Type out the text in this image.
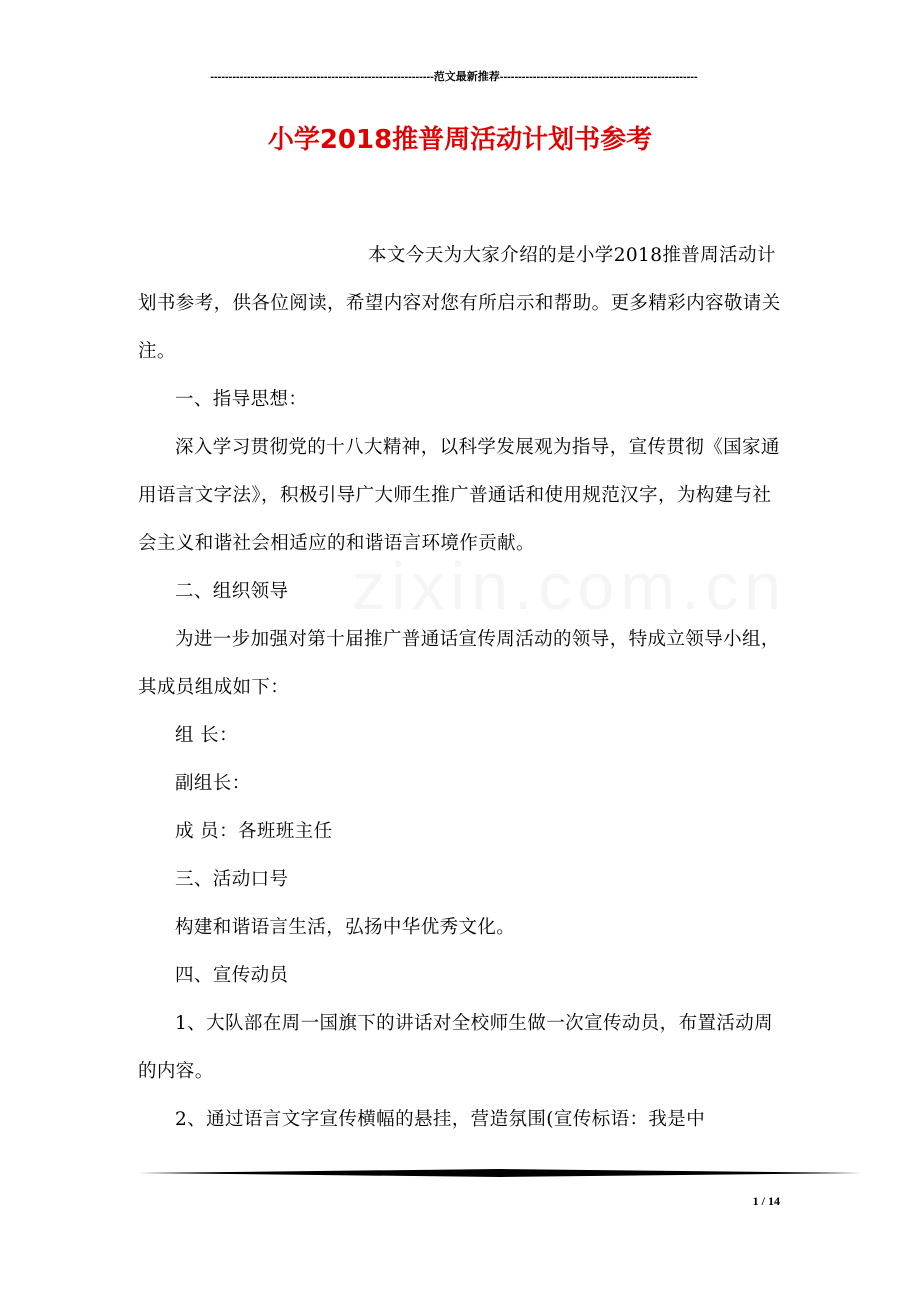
-------------------------------------------------------------范文最新推荐------------------------------------------------------
小学2018推普周活动计划书参考

本文今天为大家介绍的是小学2018推普周活动计划书参考，供各位阅读，希望内容对您有所启示和帮助。更多精彩内容敬请关注。

一、指导思想：

深入学习贯彻党的十八大精神，以科学发展观为指导，宣传贯彻《国家通用语言文字法》，积极引导广大师生推广普通话和使用规范汉字，为构建与社会主义和谐社会相适应的和谐语言环境作贡献。

二、组织领导

为进一步加强对第十届推广普通话宣传周活动的领导，特成立领导小组，其成员组成如下：

组 长：

副组长：

成 员：各班班主任

三、活动口号

构建和谐语言生活，弘扬中华优秀文化。

四、宣传动员

1、大队部在周一国旗下的讲话对全校师生做一次宣传动员，布置活动周的内容。

2、通过语言文字宣传横幅的悬挂，营造氛围(宣传标语：我是中

1 / 14
